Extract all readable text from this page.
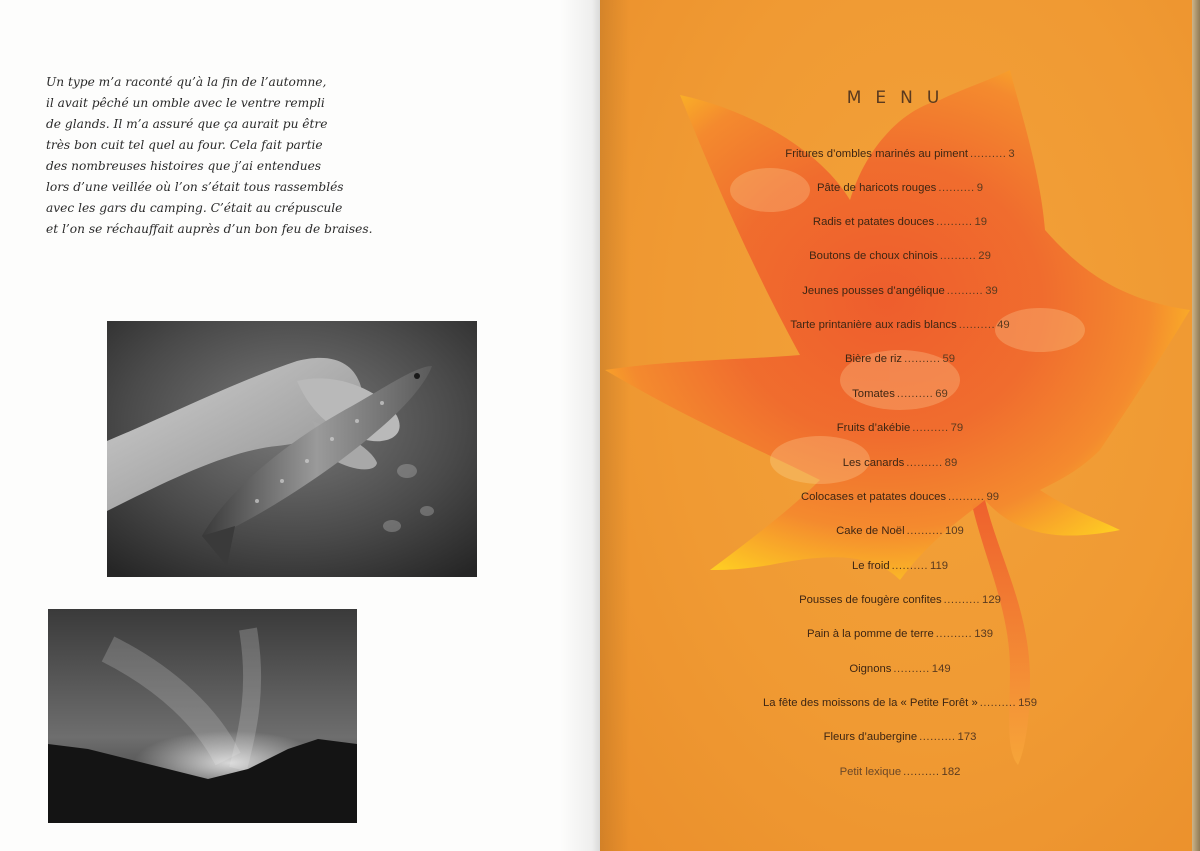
Un type m’a raconté qu’à la fin de l’automne,
il avait pêché un omble avec le ventre rempli
de glands. Il m’a assuré que ça aurait pu être
très bon cuit tel quel au four. Cela fait partie
des nombreuses histoires que j’ai entendues
lors d’une veillée où l’on s’était tous rassemblés
avec les gars du camping. C’était au crépuscule
et l’on se réchauffait auprès d’un bon feu de braises.
MENU
Fritures d’ombles marinés au piment .......... 3
Pâte de haricots rouges .......... 9
Radis et patates douces .......... 19
Boutons de choux chinois .......... 29
Jeunes pousses d’angélique .......... 39
Tarte printanière aux radis blancs .......... 49
Bière de riz .......... 59
Tomates .......... 69
Fruits d’akébie .......... 79
Les canards .......... 89
Colocases et patates douces .......... 99
Cake de Noël .......... 109
Le froid .......... 119
Pousses de fougère confites .......... 129
Pain à la pomme de terre .......... 139
Oignons .......... 149
La fête des moissons de la « Petite Forêt » .......... 159
Fleurs d’aubergine .......... 173
Petit lexique .......... 182
